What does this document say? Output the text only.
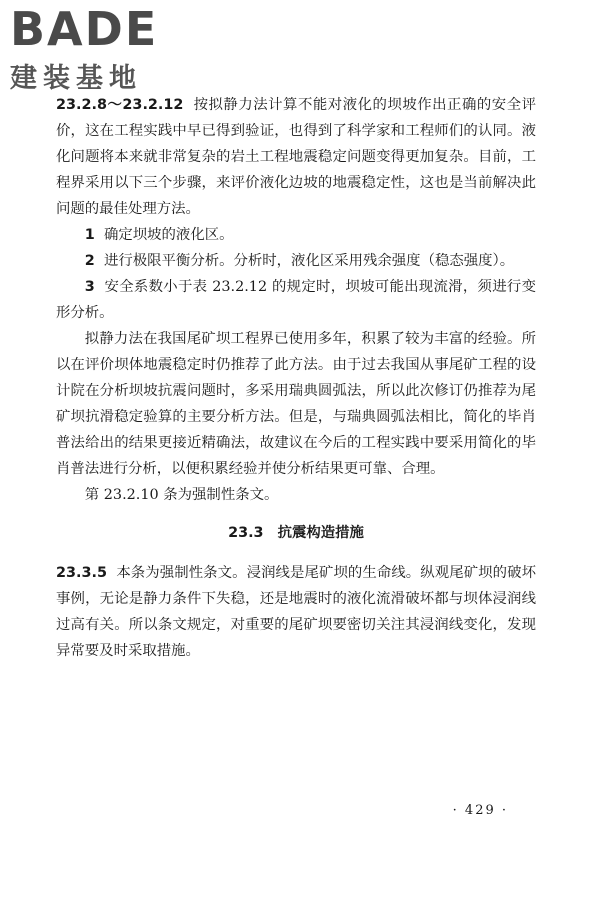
BADE
建装基地

23.2.8～23.2.12 按拟静力法计算不能对液化的坝坡作出正确的安全评价，这在工程实践中早已得到验证，也得到了科学家和工程师们的认同。液化问题将本来就非常复杂的岩土工程地震稳定问题变得更加复杂。目前，工程界采用以下三个步骤，来评价液化边坡的地震稳定性，这也是当前解决此问题的最佳处理方法。

1 确定坝坡的液化区。

2 进行极限平衡分析。分析时，液化区采用残余强度（稳态强度）。

3 安全系数小于表 23.2.12 的规定时，坝坡可能出现流滑，须进行变形分析。

拟静力法在我国尾矿坝工程界已使用多年，积累了较为丰富的经验。所以在评价坝体地震稳定时仍推荐了此方法。由于过去我国从事尾矿工程的设计院在分析坝坡抗震问题时，多采用瑞典圆弧法，所以此次修订仍推荐为尾矿坝抗滑稳定验算的主要分析方法。但是，与瑞典圆弧法相比，简化的毕肖普法给出的结果更接近精确法，故建议在今后的工程实践中要采用简化的毕肖普法进行分析，以便积累经验并使分析结果更可靠、合理。

第 23.2.10 条为强制性条文。

23.3 抗震构造措施

23.3.5 本条为强制性条文。浸润线是尾矿坝的生命线。纵观尾矿坝的破坏事例，无论是静力条件下失稳，还是地震时的液化流滑破坏都与坝体浸润线过高有关。所以条文规定，对重要的尾矿坝要密切关注其浸润线变化，发现异常要及时采取措施。

· 429 ·
